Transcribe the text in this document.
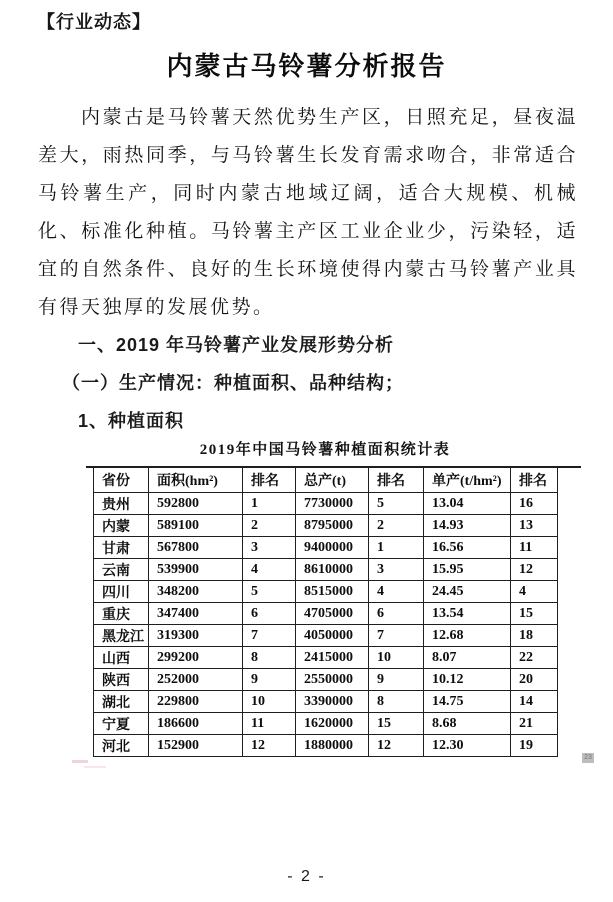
【行业动态】
内蒙古马铃薯分析报告
内蒙古是马铃薯天然优势生产区，日照充足，昼夜温差大，雨热同季，与马铃薯生长发育需求吻合，非常适合马铃薯生产，同时内蒙古地域辽阔，适合大规模、机械化、标准化种植。马铃薯主产区工业企业少，污染轻，适宜的自然条件、良好的生长环境使得内蒙古马铃薯产业具有得天独厚的发展优势。
一、2019 年马铃薯产业发展形势分析
（一）生产情况：种植面积、品种结构；
1、种植面积
2019年中国马铃薯种植面积统计表
省份	面积(hm²)	排名	总产(t)	排名	单产(t/hm²)	排名
贵州	592800	1	7730000	5	13.04	16
内蒙	589100	2	8795000	2	14.93	13
甘肃	567800	3	9400000	1	16.56	11
云南	539900	4	8610000	3	15.95	12
四川	348200	5	8515000	4	24.45	4
重庆	347400	6	4705000	6	13.54	15
黑龙江	319300	7	4050000	7	12.68	18
山西	299200	8	2415000	10	8.07	22
陕西	252000	9	2550000	9	10.12	20
湖北	229800	10	3390000	8	14.75	14
宁夏	186600	11	1620000	15	8.68	21
河北	152900	12	1880000	12	12.30	19
23
- 2 -
